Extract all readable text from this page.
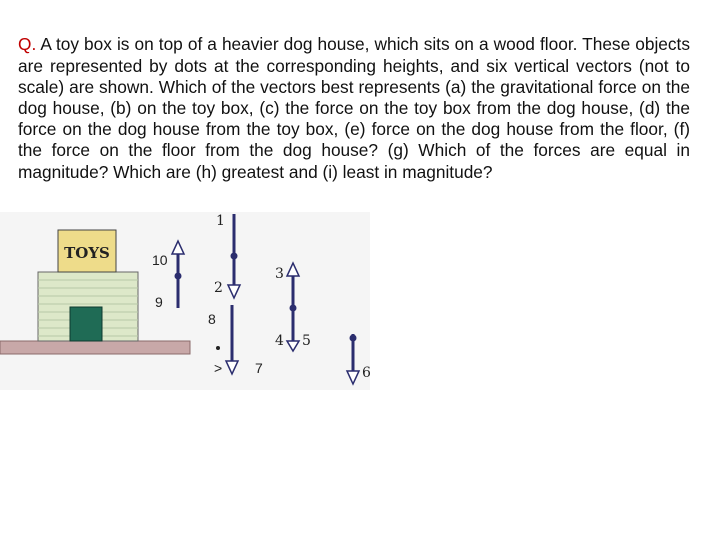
Q. A toy box is on top of a heavier dog house, which sits on a wood floor. These objects are represented by dots at the corresponding heights, and six vertical vectors (not to scale) are shown. Which of the vectors best represents (a) the gravitational force on the dog house, (b) on the toy box, (c) the force on the toy box from the dog house, (d) the force on the dog house from the toy box, (e) force on the dog house from the floor, (f) the force on the floor from the dog house? (g) Which of the forces are equal in magnitude? Which are (h) greatest and (i) least in magnitude?

TOYS	10
9
8
7
>
1
2
3
4 5
6
